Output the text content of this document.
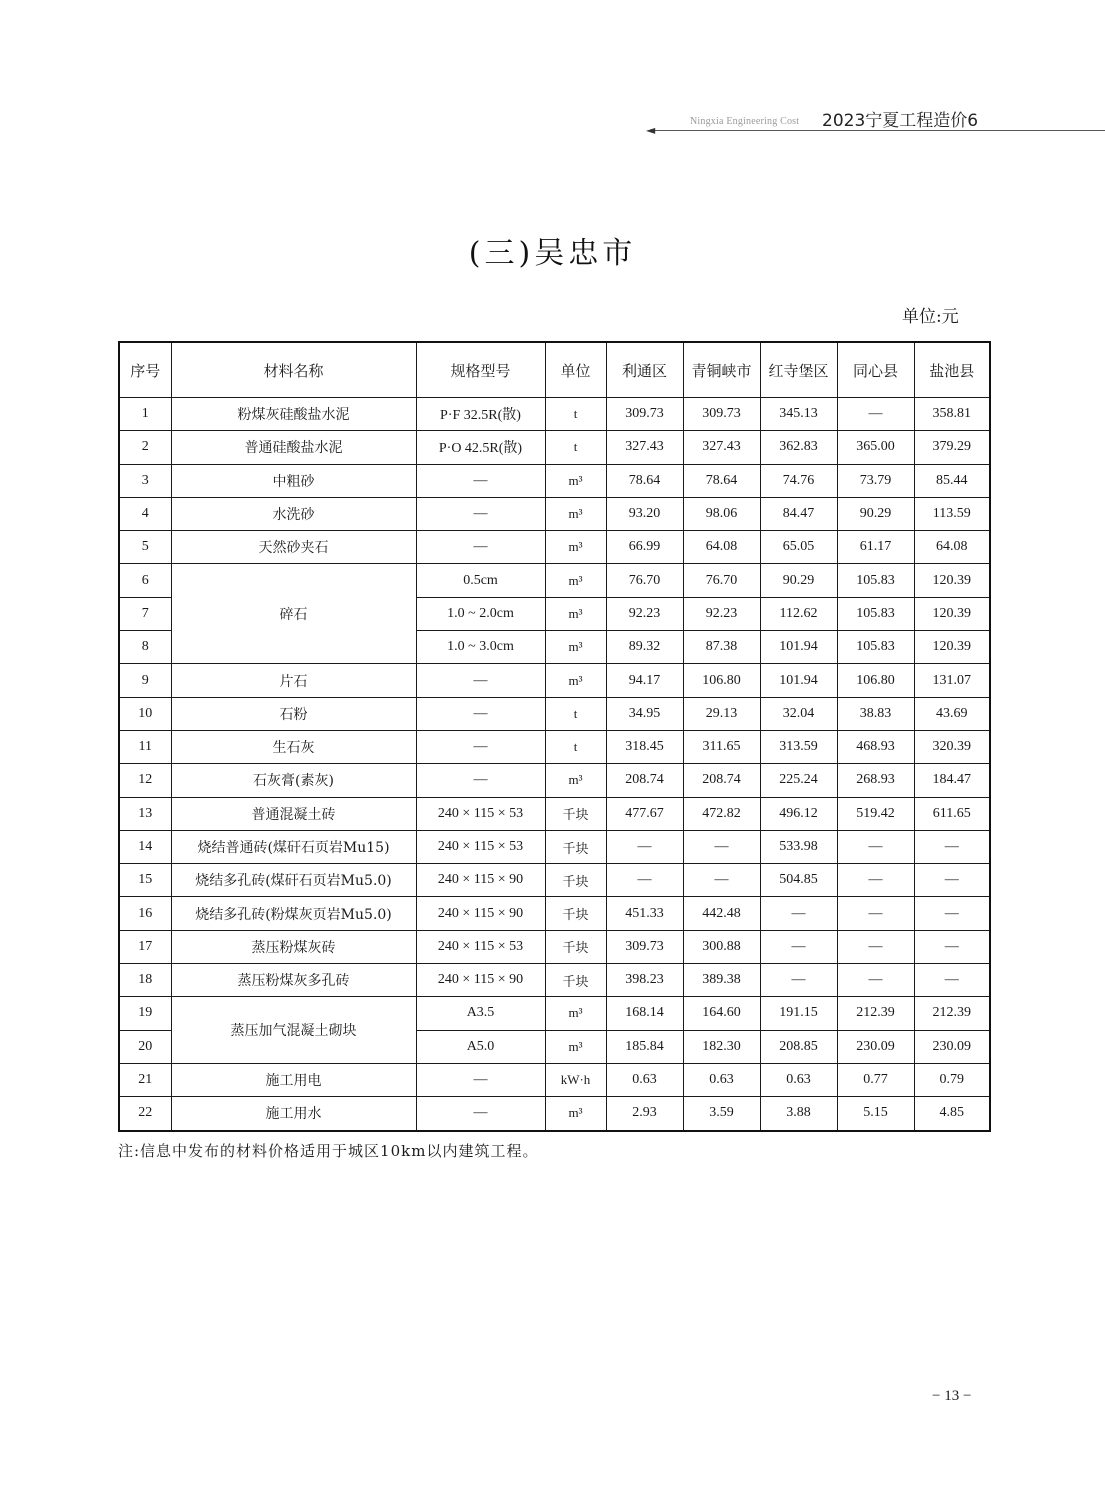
◄
Ningxia Engineering Cost 2023宁夏工程造价6
(三)吴忠市
单位:元
序号	材料名称	规格型号	单位	利通区	青铜峡市	红寺堡区	同心县	盐池县
1	粉煤灰硅酸盐水泥	P·F 32.5R(散)	t	309.73	309.73	345.13	—	358.81
2	普通硅酸盐水泥	P·O 42.5R(散)	t	327.43	327.43	362.83	365.00	379.29
3	中粗砂	—	m³	78.64	78.64	74.76	73.79	85.44
4	水洗砂	—	m³	93.20	98.06	84.47	90.29	113.59
5	天然砂夹石	—	m³	66.99	64.08	65.05	61.17	64.08
6	碎石	0.5cm	m³	76.70	76.70	90.29	105.83	120.39
7		1.0 ~ 2.0cm	m³	92.23	92.23	112.62	105.83	120.39
8		1.0 ~ 3.0cm	m³	89.32	87.38	101.94	105.83	120.39
9	片石	—	m³	94.17	106.80	101.94	106.80	131.07
10	石粉	—	t	34.95	29.13	32.04	38.83	43.69
11	生石灰	—	t	318.45	311.65	313.59	468.93	320.39
12	石灰膏(素灰)	—	m³	208.74	208.74	225.24	268.93	184.47
13	普通混凝土砖	240 × 115 × 53	千块	477.67	472.82	496.12	519.42	611.65
14	烧结普通砖(煤矸石页岩Mu15)	240 × 115 × 53	千块	—	—	533.98	—	—
15	烧结多孔砖(煤矸石页岩Mu5.0)	240 × 115 × 90	千块	—	—	504.85	—	—
16	烧结多孔砖(粉煤灰页岩Mu5.0)	240 × 115 × 90	千块	451.33	442.48	—	—	—
17	蒸压粉煤灰砖	240 × 115 × 53	千块	309.73	300.88	—	—	—
18	蒸压粉煤灰多孔砖	240 × 115 × 90	千块	398.23	389.38	—	—	—
19	蒸压加气混凝土砌块	A3.5	m³	168.14	164.60	191.15	212.39	212.39
20		A5.0	m³	185.84	182.30	208.85	230.09	230.09
21	施工用电	—	kW·h	0.63	0.63	0.63	0.77	0.79
22	施工用水	—	m³	2.93	3.59	3.88	5.15	4.85
注:信息中发布的材料价格适用于城区10km以内建筑工程。
− 13 −
